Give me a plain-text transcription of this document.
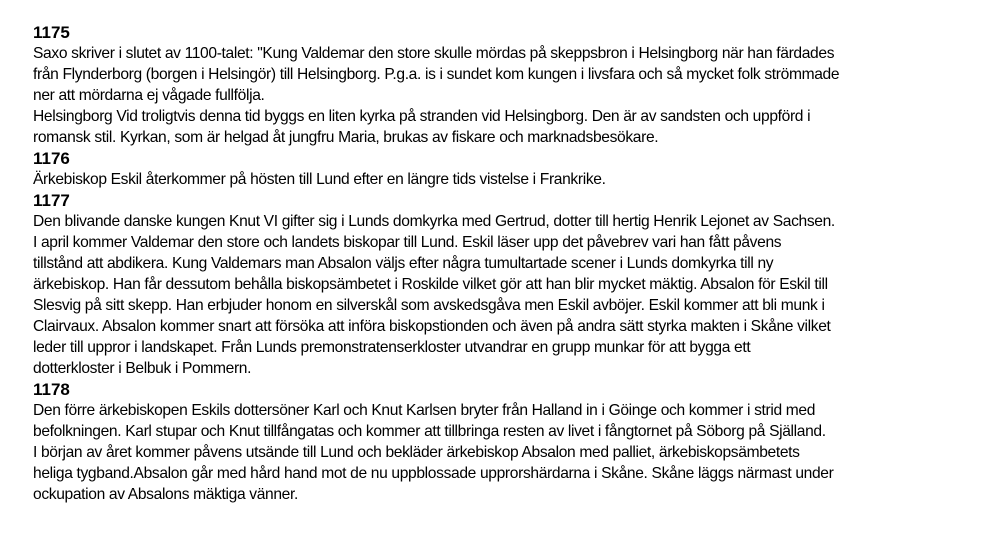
1175
Saxo skriver i slutet av 1100-talet: "Kung Valdemar den store skulle mördas på skeppsbron i Helsingborg när han färdades
från Flynderborg (borgen i Helsingör) till Helsingborg. P.g.a. is i sundet kom kungen i livsfara och så mycket folk strömmade
ner att mördarna ej vågade fullfölja.
Helsingborg Vid troligtvis denna tid byggs en liten kyrka på stranden vid Helsingborg. Den är av sandsten och uppförd i
romansk stil. Kyrkan, som är helgad åt jungfru Maria, brukas av fiskare och marknadsbesökare.
1176
Ärkebiskop Eskil återkommer på hösten till Lund efter en längre tids vistelse i Frankrike.
1177
Den blivande danske kungen Knut VI gifter sig i Lunds domkyrka med Gertrud, dotter till hertig Henrik Lejonet av Sachsen.
I april kommer Valdemar den store och landets biskopar till Lund. Eskil läser upp det påvebrev vari han fått påvens
tillstånd att abdikera. Kung Valdemars man Absalon väljs efter några tumultartade scener i Lunds domkyrka till ny
ärkebiskop. Han får dessutom behålla biskopsämbetet i Roskilde vilket gör att han blir mycket mäktig. Absalon för Eskil till
Slesvig på sitt skepp. Han erbjuder honom en silverskål som avskedsgåva men Eskil avböjer. Eskil kommer att bli munk i
Clairvaux. Absalon kommer snart att försöka att införa biskopstionden och även på andra sätt styrka makten i Skåne vilket
leder till uppror i landskapet. Från Lunds premonstratenserkloster utvandrar en grupp munkar för att bygga ett
dotterkloster i Belbuk i Pommern.
1178
Den förre ärkebiskopen Eskils dottersöner Karl och Knut Karlsen bryter från Halland in i Göinge och kommer i strid med
befolkningen. Karl stupar och Knut tillfångatas och kommer att tillbringa resten av livet i fångtornet på Söborg på Själland.
I början av året kommer påvens utsände till Lund och bekläder ärkebiskop Absalon med palliet, ärkebiskopsämbetets
heliga tygband.Absalon går med hård hand mot de nu uppblossade upprorshärdarna i Skåne. Skåne läggs närmast under
ockupation av Absalons mäktiga vänner.
